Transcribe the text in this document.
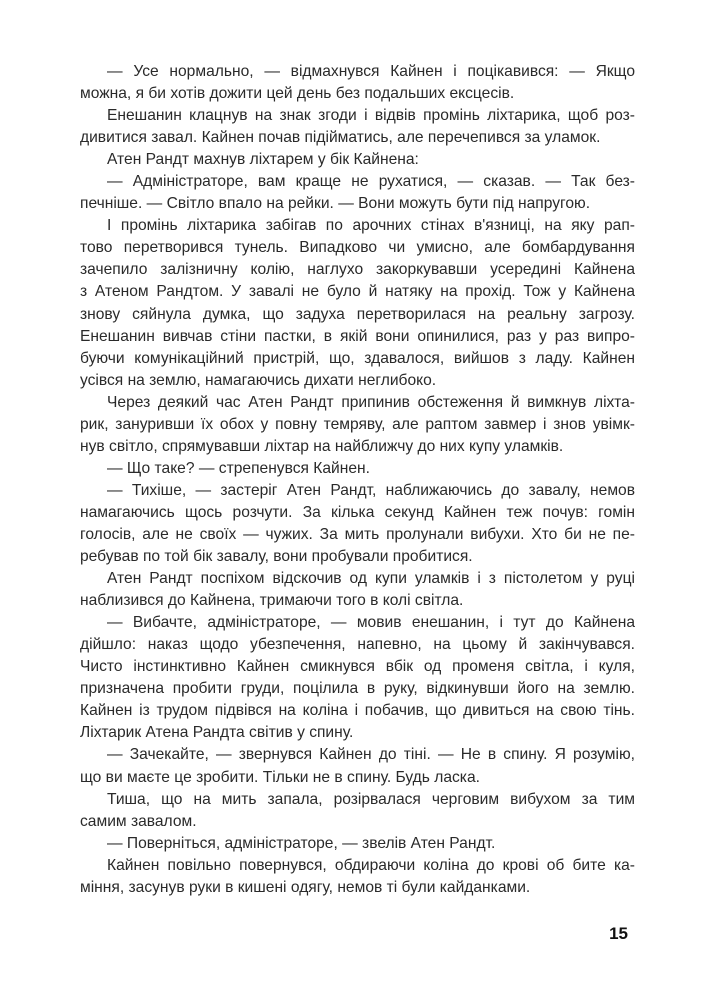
— Усе нормально, — відмахнувся Кайнен і поцікавився: — Якщо
можна, я би хотів дожити цей день без подальших ексцесів.
Енешанин клацнув на знак згоди і відвів промінь ліхтарика, щоб роз-
дивитися завал. Кайнен почав підійматись, але перечепився за уламок.
Атен Рандт махнув ліхтарем у бік Кайнена:
— Адміністраторе, вам краще не рухатися, — сказав. — Так без-
печніше. — Світло впало на рейки. — Вони можуть бути під напругою.
І промінь ліхтарика забігав по арочних стінах в'язниці, на яку рап-
тово перетворився тунель. Випадково чи умисно, але бомбардування
зачепило залізничну колію, наглухо закоркувавши усередині Кайнена
з Атеном Рандтом. У завалі не було й натяку на прохід. Тож у Кайнена
знову сяйнула думка, що задуха перетворилася на реальну загрозу.
Енешанин вивчав стіни пастки, в якій вони опинилися, раз у раз випро-
буючи комунікаційний пристрій, що, здавалося, вийшов з ладу. Кайнен
усівся на землю, намагаючись дихати неглибоко.
Через деякий час Атен Рандт припинив обстеження й вимкнув ліхта-
рик, зануривши їх обох у повну темряву, але раптом завмер і знов увімк-
нув світло, спрямувавши ліхтар на найближчу до них купу уламків.
— Що таке? — стрепенувся Кайнен.
— Тихіше, — застеріг Атен Рандт, наближаючись до завалу, немов
намагаючись щось розчути. За кілька секунд Кайнен теж почув: гомін
голосів, але не своїх — чужих. За мить пролунали вибухи. Хто би не пе-
ребував по той бік завалу, вони пробували пробитися.
Атен Рандт поспіхом відскочив од купи уламків і з пістолетом у руці
наблизився до Кайнена, тримаючи того в колі світла.
— Вибачте, адміністраторе, — мовив енешанин, і тут до Кайнена
дійшло: наказ щодо убезпечення, напевно, на цьому й закінчувався.
Чисто інстинктивно Кайнен смикнувся вбік од променя світла, і куля,
призначена пробити груди, поцілила в руку, відкинувши його на землю.
Кайнен із трудом підвівся на коліна і побачив, що дивиться на свою тінь.
Ліхтарик Атена Рандта світив у спину.
— Зачекайте, — звернувся Кайнен до тіні. — Не в спину. Я розумію,
що ви маєте це зробити. Тільки не в спину. Будь ласка.
Тиша, що на мить запала, розірвалася черговим вибухом за тим
самим завалом.
— Поверніться, адміністраторе, — звелів Атен Рандт.
Кайнен повільно повернувся, обдираючи коліна до крові об бите ка-
міння, засунув руки в кишені одягу, немов ті були кайданками.
15
